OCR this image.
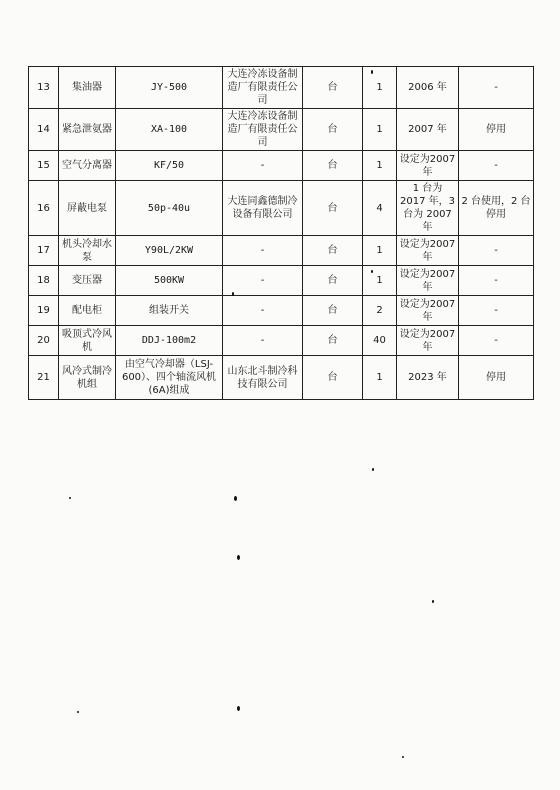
13	集油器	JY-500	大连冷冻设备制造厂有限责任公司	台	1	2006 年	-
14	紧急泄氨器	XA-100	大连冷冻设备制造厂有限责任公司	台	1	2007 年	停用
15	空气分离器	KF/50	-	台	1	设定为2007 年	-
16	屏蔽电泵	50p-40u	大连同鑫德制冷设备有限公司	台	4	1 台为 2017 年，3 台为 2007 年	2 台使用，2 台停用
17	机头冷却水泵	Y90L/2KW	-	台	1	设定为2007 年	-
18	变压器	500KW	-	台	1	设定为2007 年	-
19	配电柜	组装开关	-	台	2	设定为2007 年	-
20	吸顶式冷风机	DDJ-100m2	-	台	40	设定为2007 年	-
21	风冷式制冷机组	由空气冷却器（LSJ-600）、四个轴流风机(6A)组成	山东北斗制冷科技有限公司	台	1	2023 年	停用
